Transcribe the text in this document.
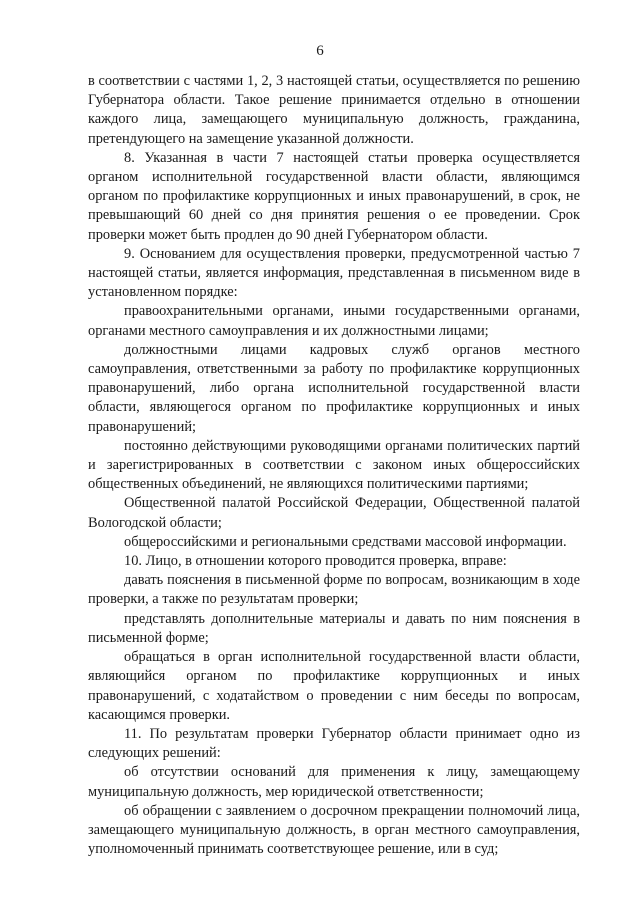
6

в соответствии с частями 1, 2, 3 настоящей статьи, осуществляется по решению Губернатора области. Такое решение принимается отдельно в отношении каждого лица, замещающего муниципальную должность, гражданина, претендующего на замещение указанной должности.

8. Указанная в части 7 настоящей статьи проверка осуществляется органом исполнительной государственной власти области, являющимся органом по профилактике коррупционных и иных правонарушений, в срок, не превышающий 60 дней со дня принятия решения о ее проведении. Срок проверки может быть продлен до 90 дней Губернатором области.

9. Основанием для осуществления проверки, предусмотренной частью 7 настоящей статьи, является информация, представленная в письменном виде в установленном порядке:

правоохранительными органами, иными государственными органами, органами местного самоуправления и их должностными лицами;

должностными лицами кадровых служб органов местного самоуправления, ответственными за работу по профилактике коррупционных правонарушений, либо органа исполнительной государственной власти области, являющегося органом по профилактике коррупционных и иных правонарушений;

постоянно действующими руководящими органами политических партий и зарегистрированных в соответствии с законом иных общероссийских общественных объединений, не являющихся политическими партиями;

Общественной палатой Российской Федерации, Общественной палатой Вологодской области;

общероссийскими и региональными средствами массовой информации.

10. Лицо, в отношении которого проводится проверка, вправе:

давать пояснения в письменной форме по вопросам, возникающим в ходе проверки, а также по результатам проверки;

представлять дополнительные материалы и давать по ним пояснения в письменной форме;

обращаться в орган исполнительной государственной власти области, являющийся органом по профилактике коррупционных и иных правонарушений, с ходатайством о проведении с ним беседы по вопросам, касающимся проверки.

11. По результатам проверки Губернатор области принимает одно из следующих решений:

об отсутствии оснований для применения к лицу, замещающему муниципальную должность, мер юридической ответственности;

об обращении с заявлением о досрочном прекращении полномочий лица, замещающего муниципальную должность, в орган местного самоуправления, уполномоченный принимать соответствующее решение, или в суд;
